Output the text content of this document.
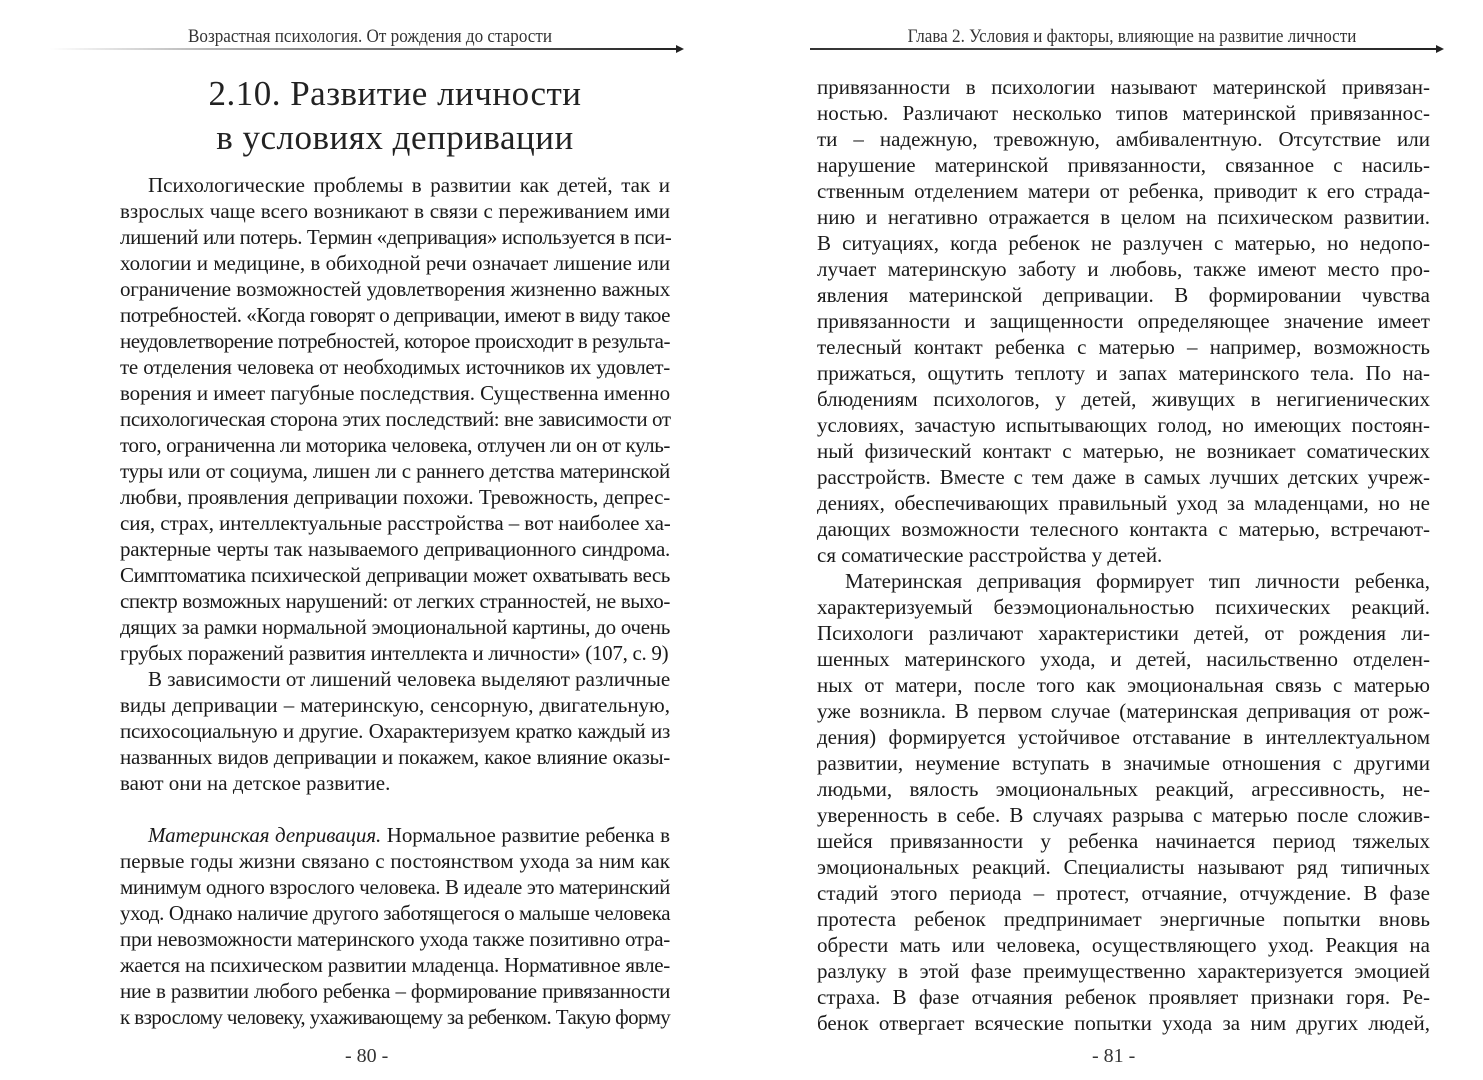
Возрастная психология. От рождения до старости
2.10. Развитие личности
в условиях депривации
Психологические проблемы в развитии как детей, так и
взрослых чаще всего возникают в связи с переживанием ими
лишений или потерь. Термин «депривация» используется в пси-
хологии и медицине, в обиходной речи означает лишение или
ограничение возможностей удовлетворения жизненно важных
потребностей. «Когда говорят о депривации, имеют в виду такое
неудовлетворение потребностей, которое происходит в результа-
те отделения человека от необходимых источников их удовлет-
ворения и имеет пагубные последствия. Существенна именно
психологическая сторона этих последствий: вне зависимости от
того, ограниченна ли моторика человека, отлучен ли он от куль-
туры или от социума, лишен ли с раннего детства материнской
любви, проявления депривации похожи. Тревожность, депрес-
сия, страх, интеллектуальные расстройства – вот наиболее ха-
рактерные черты так называемого депривационного синдрома.
Симптоматика психической депривации может охватывать весь
спектр возможных нарушений: от легких странностей, не выхо-
дящих за рамки нормальной эмоциональной картины, до очень
грубых поражений развития интеллекта и личности» (107, с. 9)
В зависимости от лишений человека выделяют различные
виды депривации – материнскую, сенсорную, двигательную,
психосоциальную и другие. Охарактеризуем кратко каждый из
названных видов депривации и покажем, какое влияние оказы-
вают они на детское развитие.
Материнская депривация. Нормальное развитие ребенка в
первые годы жизни связано с постоянством ухода за ним как
минимум одного взрослого человека. В идеале это материнский
уход. Однако наличие другого заботящегося о малыше человека
при невозможности материнского ухода также позитивно отра-
жается на психическом развитии младенца. Нормативное явле-
ние в развитии любого ребенка – формирование привязанности
к взрослому человеку, ухаживающему за ребенком. Такую форму
- 80 -
Глава 2. Условия и факторы, влияющие на развитие личности
привязанности в психологии называют материнской привязан-
ностью. Различают несколько типов материнской привязаннос-
ти – надежную, тревожную, амбивалентную. Отсутствие или
нарушение материнской привязанности, связанное с насиль-
ственным отделением матери от ребенка, приводит к его страда-
нию и негативно отражается в целом на психическом развитии.
В ситуациях, когда ребенок не разлучен с матерью, но недопо-
лучает материнскую заботу и любовь, также имеют место про-
явления материнской депривации. В формировании чувства
привязанности и защищенности определяющее значение имеет
телесный контакт ребенка с матерью – например, возможность
прижаться, ощутить теплоту и запах материнского тела. По на-
блюдениям психологов, у детей, живущих в негигиенических
условиях, зачастую испытывающих голод, но имеющих постоян-
ный физический контакт с матерью, не возникает соматических
расстройств. Вместе с тем даже в самых лучших детских учреж-
дениях, обеспечивающих правильный уход за младенцами, но не
дающих возможности телесного контакта с матерью, встречают-
ся соматические расстройства у детей.
Материнская депривация формирует тип личности ребенка,
характеризуемый безэмоциональностью психических реакций.
Психологи различают характеристики детей, от рождения ли-
шенных материнского ухода, и детей, насильственно отделен-
ных от матери, после того как эмоциональная связь с матерью
уже возникла. В первом случае (материнская депривация от рож-
дения) формируется устойчивое отставание в интеллектуальном
развитии, неумение вступать в значимые отношения с другими
людьми, вялость эмоциональных реакций, агрессивность, не-
уверенность в себе. В случаях разрыва с матерью после сложив-
шейся привязанности у ребенка начинается период тяжелых
эмоциональных реакций. Специалисты называют ряд типичных
стадий этого периода – протест, отчаяние, отчуждение. В фазе
протеста ребенок предпринимает энергичные попытки вновь
обрести мать или человека, осуществляющего уход. Реакция на
разлуку в этой фазе преимущественно характеризуется эмоцией
страха. В фазе отчаяния ребенок проявляет признаки горя. Ре-
бенок отвергает всяческие попытки ухода за ним других людей,
- 81 -
